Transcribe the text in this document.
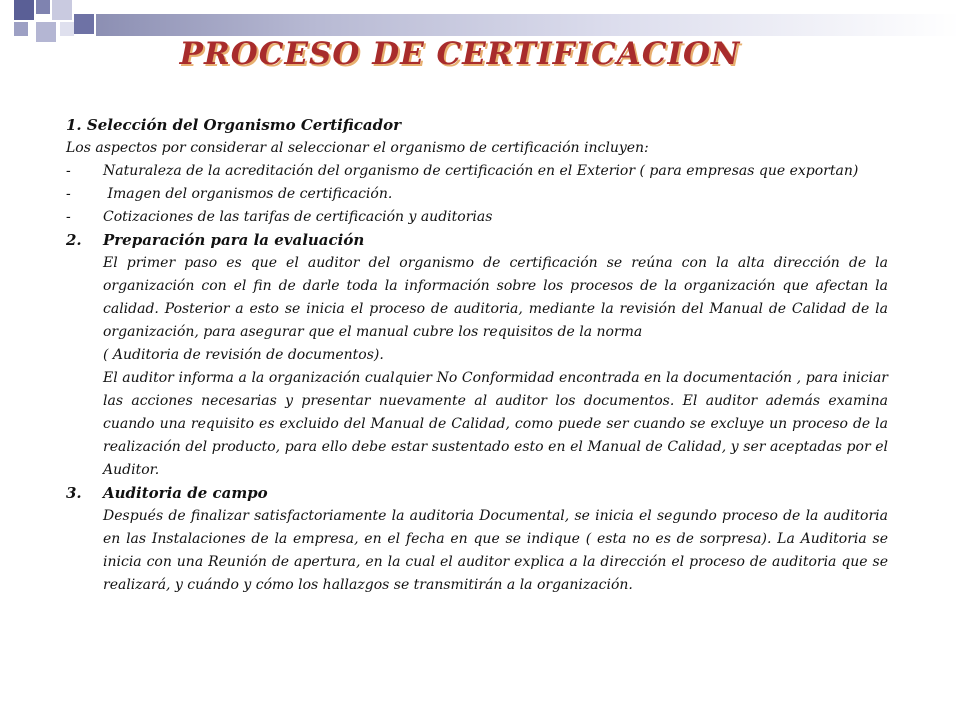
PROCESO DE CERTIFICACION

1. Selección del Organismo Certificador

Los aspectos por considerar al seleccionar el organismo de certificación incluyen:

-	Naturaleza de la acreditación del organismo de certificación en el Exterior ( para empresas que exportan)
-	Imagen del organismos de certificación.
-	Cotizaciones de las tarifas de certificación y auditorias
2.	Preparación para la evaluación

El primer paso es que el auditor del organismo de certificación se reúna con la alta dirección de la organización con el fin de darle toda la información sobre los procesos de la organización que afectan la calidad. Posterior a esto se inicia el proceso de auditoria, mediante la revisión del Manual de Calidad de la organización, para asegurar que el manual cubre los requisitos de la norma

( Auditoria de revisión de documentos).

El auditor informa a la organización cualquier No Conformidad encontrada en la documentación , para iniciar las acciones necesarias y presentar nuevamente al auditor los documentos. El auditor además examina cuando una requisito es excluido del Manual de Calidad, como puede ser cuando se excluye un proceso de la realización del producto, para ello debe estar sustentado esto en el Manual de Calidad, y ser aceptadas por el Auditor.

3.	Auditoria de campo

Después de finalizar satisfactoriamente la auditoria Documental, se inicia el segundo proceso de la auditoria en las Instalaciones de la empresa, en el fecha en que se indique ( esta no es de sorpresa). La Auditoria se inicia con una Reunión de apertura, en la cual el auditor explica a la dirección el proceso de auditoria que se realizará, y cuándo y cómo los hallazgos se transmitirán a la organización.
